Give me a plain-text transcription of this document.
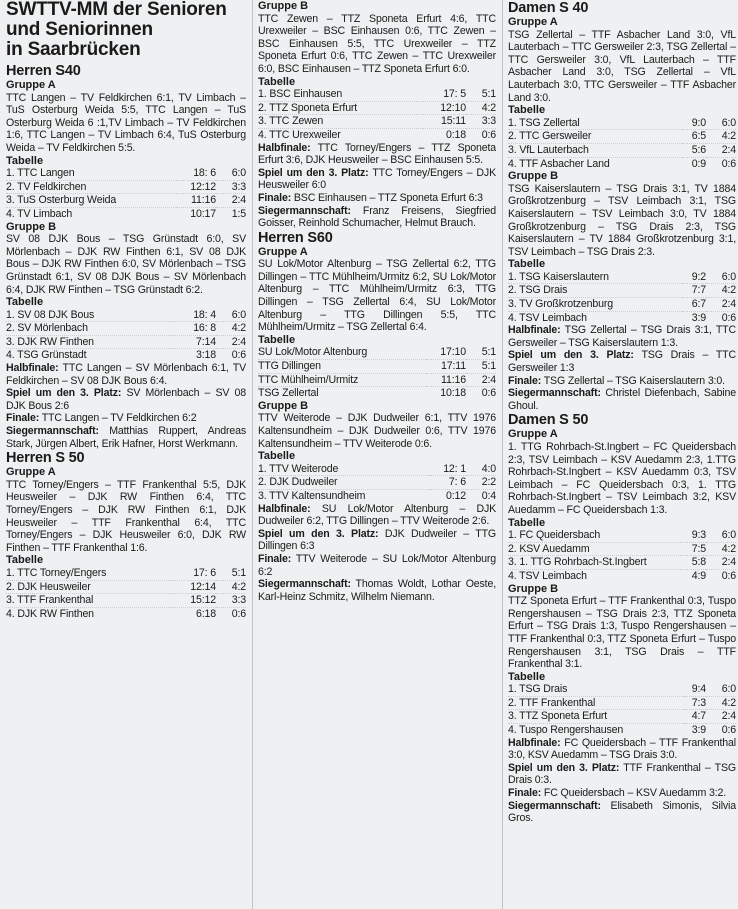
SWTTV-MM der Senioren
und Seniorinnen
in Saarbrücken
Herren S40
Gruppe A

TTC Langen – TV Feldkirchen 6:1, TV Limbach – TuS Osterburg Weida 5:5, TTC Langen – TuS Osterburg Weida 6 :1,TV Limbach – TV Feldkirchen 1:6, TTC Langen – TV Limbach 6:4, TuS Osterburg Weida – TV Feldkirchen 5:5.

Tabelle
1. TTC Langen	18: 6	6:0
2. TV Feldkirchen	12:12	3:3
3. TuS Osterburg Weida	11:16	2:4
4. TV Limbach	10:17	1:5
Gruppe B

SV 08 DJK Bous – TSG Grünstadt 6:0, SV Mörlenbach – DJK RW Finthen 6:1, SV 08 DJK Bous – DJK RW Finthen 6:0, SV Mörlenbach – TSG Grünstadt 6:1, SV 08 DJK Bous – SV Mörlenbach 6:4, DJK RW Finthen – TSG Grünstadt 6:2.

Tabelle
1. SV 08 DJK Bous	18: 4	6:0
2. SV Mörlenbach	16: 8	4:2
3. DJK RW Finthen	7:14	2:4
4. TSG Grünstadt	3:18	0:6

Halbfinale: TTC Langen – SV Mörlenbach 6:1, TV Feldkirchen – SV 08 DJK Bous 6:4.

Spiel um den 3. Platz: SV Mörlenbach – SV 08 DJK Bous 2:6

Finale: TTC Langen – TV Feldkirchen 6:2

Siegermannschaft: Matthias Ruppert, Andreas Stark, Jürgen Albert, Erik Hafner, Horst Werkmann.

Herren S 50
Gruppe A

TTC Torney/Engers – TTF Frankenthal 5:5, DJK Heusweiler – DJK RW Finthen 6:4, TTC Torney/Engers – DJK RW Finthen 6:1, DJK Heusweiler – TTF Frankenthal 6:4, TTC Torney/Engers – DJK Heusweiler 6:0, DJK RW Finthen – TTF Frankenthal 1:6.

Tabelle
1. TTC Torney/Engers	17: 6	5:1
2. DJK Heusweiler	12:14	4:2
3. TTF Frankenthal	15:12	3:3
4. DJK RW Finthen	6:18	0:6
Gruppe B

TTC Zewen – TTZ Sponeta Erfurt 4:6, TTC Urexweiler – BSC Einhausen 0:6, TTC Zewen – BSC Einhausen 5:5, TTC Urexweiler – TTZ Sponeta Erfurt 0:6, TTC Zewen – TTC Urexweiler 6:0, BSC Einhausen – TTZ Sponeta Erfurt 6:0.

Tabelle
1. BSC Einhausen	17: 5	5:1
2. TTZ Sponeta Erfurt	12:10	4:2
3. TTC Zewen	15:11	3:3
4. TTC Urexweiler	0:18	0:6

Halbfinale: TTC Torney/Engers – TTZ Sponeta Erfurt 3:6, DJK Heusweiler – BSC Einhausen 5:5.

Spiel um den 3. Platz: TTC Torney/Engers – DJK Heusweiler 6:0

Finale: BSC Einhausen – TTZ Sponeta Erfurt 6:3

Siegermannschaft: Franz Freisens, Siegfried Goisser, Reinhold Schumacher, Helmut Brauch.

Herren S60
Gruppe A

SU Lok/Motor Altenburg – TSG Zellertal 6:2, TTG Dillingen – TTC Mühlheim/Urmitz 6:2, SU Lok/Motor Altenburg – TTC Mühlheim/Urmitz 6:3, TTG Dillingen – TSG Zellertal 6:4, SU Lok/Motor Altenburg – TTG Dillingen 5:5, TTC Mühlheim/Urmitz – TSG Zellertal 6:4.

Tabelle
SU Lok/Motor Altenburg	17:10	5:1
TTG Dillingen	17:11	5:1
TTC Mühlheim/Urmitz	11:16	2:4
TSG Zellertal	10:18	0:6
Gruppe B

TTV Weiterode – DJK Dudweiler 6:1, TTV 1976 Kaltensundheim – DJK Dudweiler 0:6, TTV 1976 Kaltensundheim – TTV Weiterode 0:6.

Tabelle
1. TTV Weiterode	12: 1	4:0
2. DJK Dudweiler	7: 6	2:2
3. TTV Kaltensundheim	0:12	0:4

Halbfinale: SU Lok/Motor Altenburg – DJK Dudweiler 6:2, TTG Dillingen – TTV Weiterode 2:6.

Spiel um den 3. Platz: DJK Dudweiler – TTG Dillingen 6:3

Finale: TTV Weiterode – SU Lok/Motor Altenburg 6:2

Siegermannschaft: Thomas Woldt, Lothar Oeste, Karl-Heinz Schmitz, Wilhelm Niemann.

Damen S 40
Gruppe A

TSG Zellertal – TTF Asbacher Land 3:0, VfL Lauterbach – TTC Gersweiler 2:3, TSG Zellertal – TTC Gersweiler 3:0, VfL Lauterbach – TTF Asbacher Land 3:0, TSG Zellertal – VfL Lauterbach 3:0, TTC Gersweiler – TTF Asbacher Land 3:0.

Tabelle
1. TSG Zellertal	9:0	6:0
2. TTC Gersweiler	6:5	4:2
3. VfL Lauterbach	5:6	2:4
4. TTF Asbacher Land	0:9	0:6
Gruppe B

TSG Kaiserslautern – TSG Drais 3:1, TV 1884 Großkrotzenburg – TSV Leimbach 3:1, TSG Kaiserslautern – TSV Leimbach 3:0, TV 1884 Großkrotzenburg – TSG Drais 2:3, TSG Kaiserslautern – TV 1884 Großkrotzenburg 3:1, TSV Leimbach – TSG Drais 2:3.

Tabelle
1. TSG Kaiserslautern	9:2	6:0
2. TSG Drais	7:7	4:2
3. TV Großkrotzenburg	6:7	2:4
4. TSV Leimbach	3:9	0:6

Halbfinale: TSG Zellertal – TSG Drais 3:1, TTC Gersweiler – TSG Kaiserslautern 1:3.

Spiel um den 3. Platz: TSG Drais – TTC Gersweiler 1:3

Finale: TSG Zellertal – TSG Kaiserslautern 3:0.

Siegermannschaft: Christel Diefenbach, Sabine Ghoul.

Damen S 50
Gruppe A

1. TTG Rohrbach-St.Ingbert – FC Queidersbach 2:3, TSV Leimbach – KSV Auedamm 2:3, 1.TTG Rohrbach-St.Ingbert – KSV Auedamm 0:3, TSV Leimbach – FC Queidersbach 0:3, 1. TTG Rohrbach-St.Ingbert – TSV Leimbach 3:2, KSV Auedamm – FC Queidersbach 1:3.

Tabelle
1. FC Queidersbach	9:3	6:0
2. KSV Auedamm	7:5	4:2
3. 1. TTG Rohrbach-St.Ingbert	5:8	2:4
4. TSV Leimbach	4:9	0:6
Gruppe B

TTZ Sponeta Erfurt – TTF Frankenthal 0:3, Tuspo Rengershausen – TSG Drais 2:3, TTZ Sponeta Erfurt – TSG Drais 1:3, Tuspo Rengershausen – TTF Frankenthal 0:3, TTZ Sponeta Erfurt – Tuspo Rengershausen 3:1, TSG Drais – TTF Frankenthal 3:1.

Tabelle
1. TSG Drais	9:4	6:0
2. TTF Frankenthal	7:3	4:2
3. TTZ Sponeta Erfurt	4:7	2:4
4. Tuspo Rengershausen	3:9	0:6

Halbfinale: FC Queidersbach – TTF Frankenthal 3:0, KSV Auedamm – TSG Drais 3:0.

Spiel um den 3. Platz: TTF Frankenthal – TSG Drais 0:3.

Finale: FC Queidersbach – KSV Auedamm 3:2.

Siegermannschaft: Elisabeth Simonis, Silvia Gros.
